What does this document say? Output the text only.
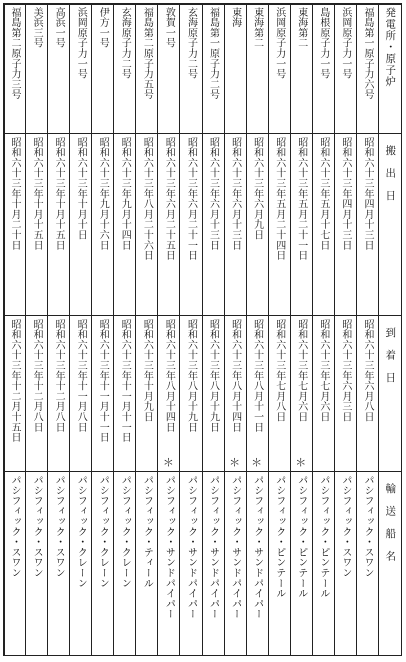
発電所・原子炉
搬出日
到着日
輸送船名
福島第一原子力六号
昭和六十三年四月十三日
昭和六十三年六月八日
パシフィック・スワン
浜岡原子力一号
昭和六十三年四月十三日
昭和六十三年六月三日
パシフィック・スワン
島根原子力一号
昭和六十三年五月十七日
昭和六十三年七月六日
パシフィック・ピンテール
東海第二
昭和六十三年五月二十一日
昭和六十三年七月六日
パシフィック・ピンテール
＊
浜岡原子力一号
昭和六十三年五月二十四日
昭和六十三年七月八日
パシフィック・ピンテール
東海第二
昭和六十三年六月九日
昭和六十三年八月十一日
パシフィック・サンドパイパー
＊
東海
昭和六十三年六月十三日
昭和六十三年八月十四日
パシフィック・サンドパイパー
＊
福島第一原子力二号
昭和六十三年六月十三日
昭和六十三年八月十九日
パシフィック・サンドパイパー
玄海原子力二号
昭和六十三年六月二十一日
昭和六十三年八月十九日
パシフィック・サンドパイパー
敦賀一号
昭和六十三年六月二十五日
昭和六十三年八月十四日
パシフィック・サンドパイパー
＊
福島第二原子力五号
昭和六十三年八月二十六日
昭和六十三年十月九日
パシフィック・ティール
玄海原子力二号
昭和六十三年九月十四日
昭和六十三年十一月十一日
パシフィック・クレーン
伊方一号
昭和六十三年九月十六日
昭和六十三年十一月十一日
パシフィック・クレーン
浜岡原子力一号
昭和六十三年十月十日
昭和六十三年十一月八日
パシフィック・クレーン
高浜一号
昭和六十三年十月十五日
昭和六十三年十二月八日
パシフィック・スワン
美浜三号
昭和六十三年十月十五日
昭和六十三年十二月八日
パシフィック・スワン
福島第二原子力三号
昭和六十三年十月二十日
昭和六十三年十二月十五日
パシフィック・スワン
